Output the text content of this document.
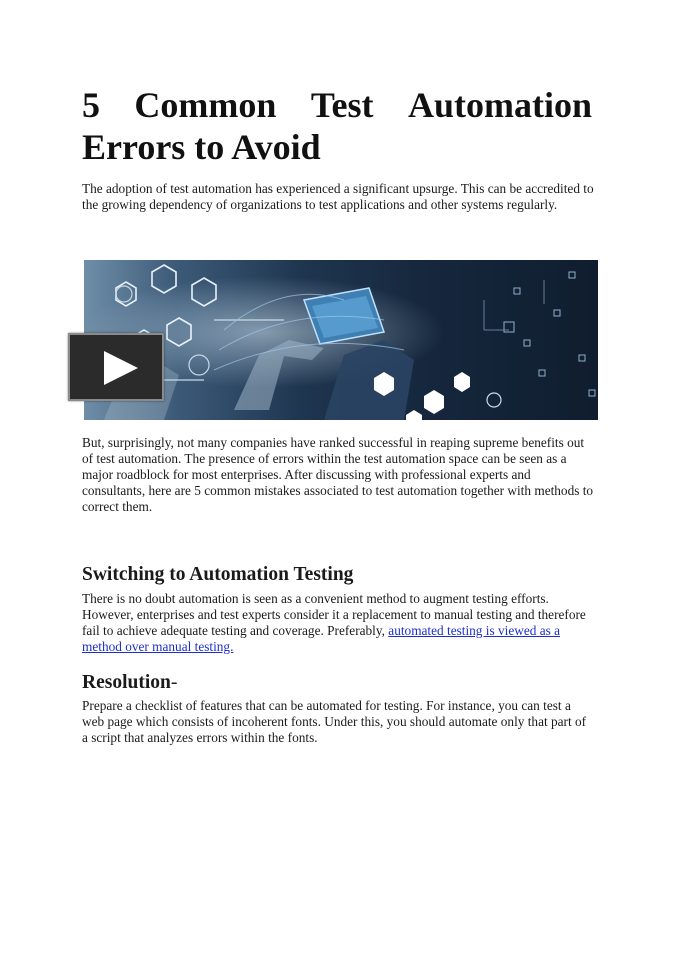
5 Common Test Automation
Errors to Avoid

The adoption of test automation has experienced a significant upsurge. This can be accredited to the growing dependency of organizations to test applications and other systems regularly.

But, surprisingly, not many companies have ranked successful in reaping supreme benefits out of test automation. The presence of errors within the test automation space can be seen as a major roadblock for most enterprises. After discussing with professional experts and consultants, here are 5 common mistakes associated to test automation together with methods to correct them.

Switching to Automation Testing

There is no doubt automation is seen as a convenient method to augment testing efforts. However, enterprises and test experts consider it a replacement to manual testing and therefore fail to achieve adequate testing and coverage. Preferably, automated testing is viewed as a method over manual testing.

Resolution-

Prepare a checklist of features that can be automated for testing. For instance, you can test a web page which consists of incoherent fonts. Under this, you should automate only that part of a script that analyzes errors within the fonts.
